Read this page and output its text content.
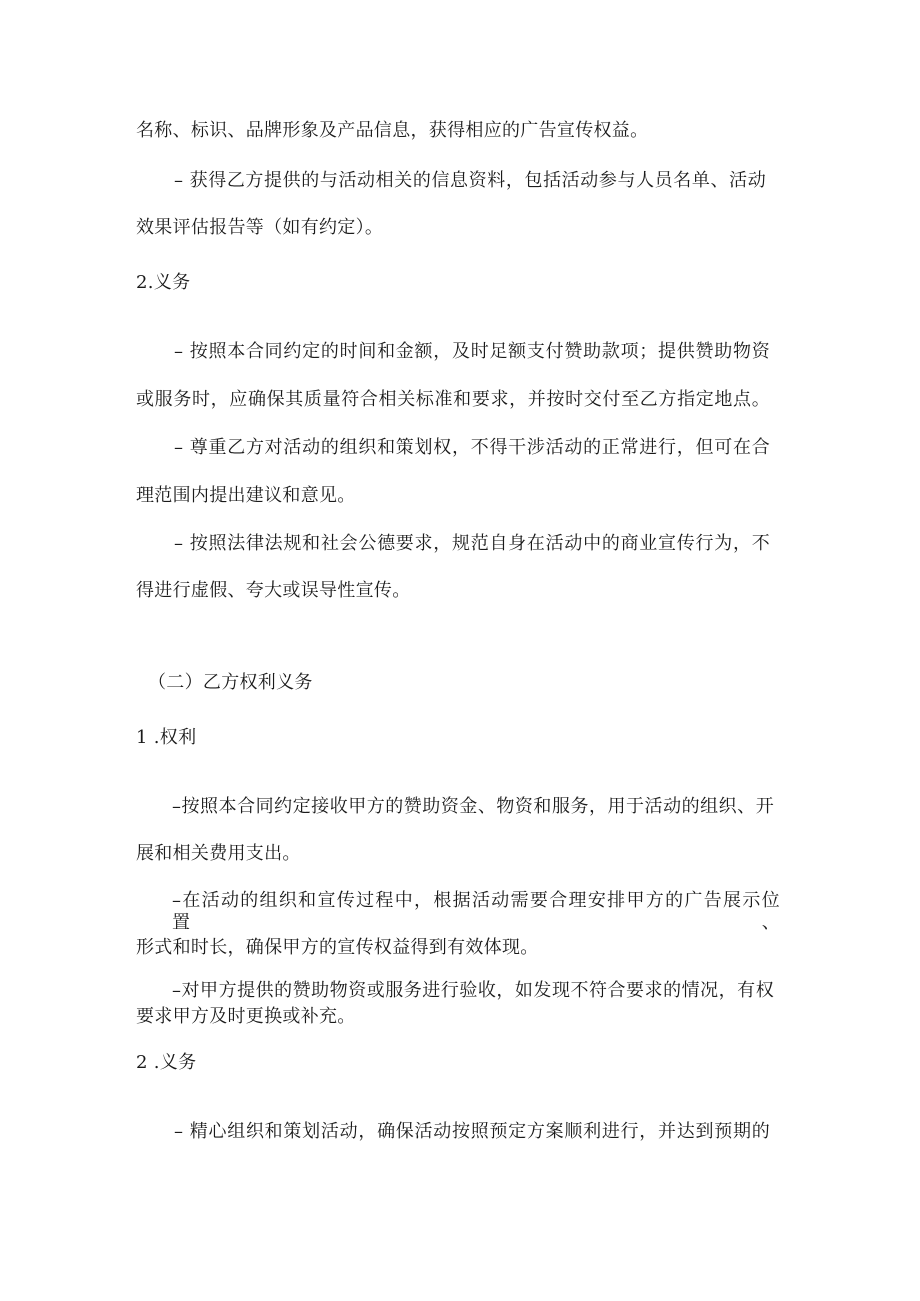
名称、标识、品牌形象及产品信息，获得相应的广告宣传权益。
– 获得乙方提供的与活动相关的信息资料，包括活动参与人员名单、活动
效果评估报告等（如有约定）。
2.义务
– 按照本合同约定的时间和金额，及时足额支付赞助款项；提供赞助物资
或服务时，应确保其质量符合相关标准和要求，并按时交付至乙方指定地点。
– 尊重乙方对活动的组织和策划权，不得干涉活动的正常进行，但可在合
理范围内提出建议和意见。
– 按照法律法规和社会公德要求，规范自身在活动中的商业宣传行为，不
得进行虚假、夸大或误导性宣传。
（二）乙方权利义务
1 .权利
–按照本合同约定接收甲方的赞助资金、物资和服务，用于活动的组织、开
展和相关费用支出。
–在活动的组织和宣传过程中，根据活动需要合理安排甲方的广告展示位置、
形式和时长，确保甲方的宣传权益得到有效体现。
–对甲方提供的赞助物资或服务进行验收，如发现不符合要求的情况，有权
要求甲方及时更换或补充。
2 .义务
– 精心组织和策划活动，确保活动按照预定方案顺利进行，并达到预期的
